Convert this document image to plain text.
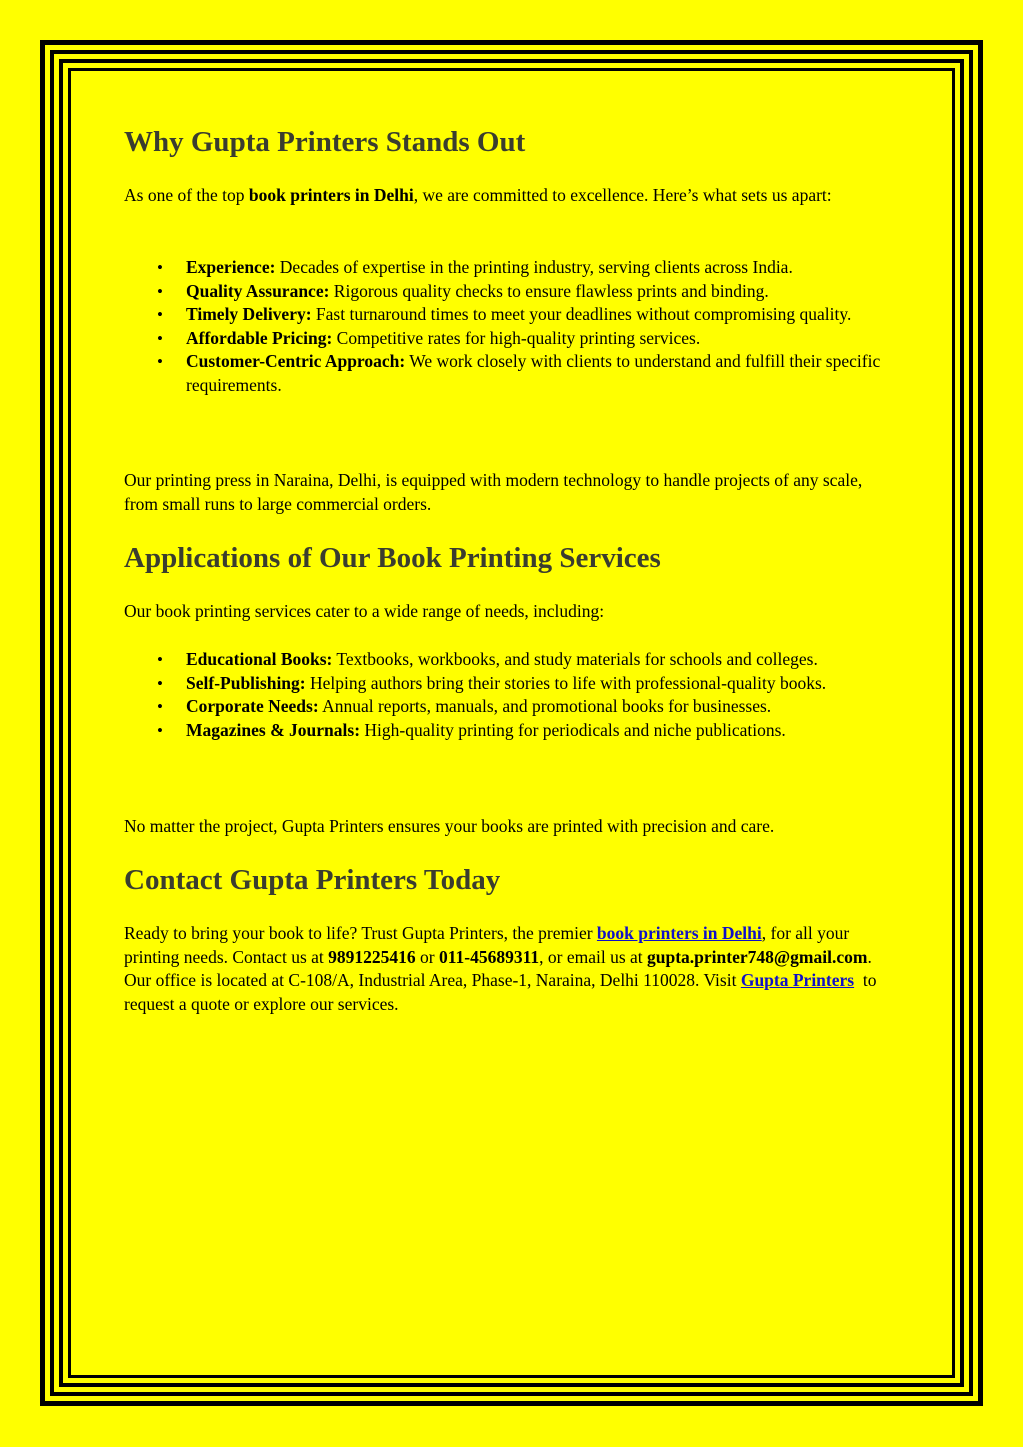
Why Gupta Printers Stands Out

As one of the top book printers in Delhi, we are committed to excellence. Here’s what sets us apart:

• Experience: Decades of expertise in the printing industry, serving clients across India.
• Quality Assurance: Rigorous quality checks to ensure flawless prints and binding.
• Timely Delivery: Fast turnaround times to meet your deadlines without compromising quality.
• Affordable Pricing: Competitive rates for high-quality printing services.
• Customer-Centric Approach: We work closely with clients to understand and fulfill their specific requirements.

Our printing press in Naraina, Delhi, is equipped with modern technology to handle projects of any scale, from small runs to large commercial orders.

Applications of Our Book Printing Services

Our book printing services cater to a wide range of needs, including:

• Educational Books: Textbooks, workbooks, and study materials for schools and colleges.
• Self-Publishing: Helping authors bring their stories to life with professional-quality books.
• Corporate Needs: Annual reports, manuals, and promotional books for businesses.
• Magazines & Journals: High-quality printing for periodicals and niche publications.

No matter the project, Gupta Printers ensures your books are printed with precision and care.

Contact Gupta Printers Today

Ready to bring your book to life? Trust Gupta Printers, the premier book printers in Delhi, for all your printing needs. Contact us at 9891225416 or 011-45689311, or email us at gupta.printer748@gmail.com. Our office is located at C-108/A, Industrial Area, Phase-1, Naraina, Delhi 110028. Visit Gupta Printers  to request a quote or explore our services.
